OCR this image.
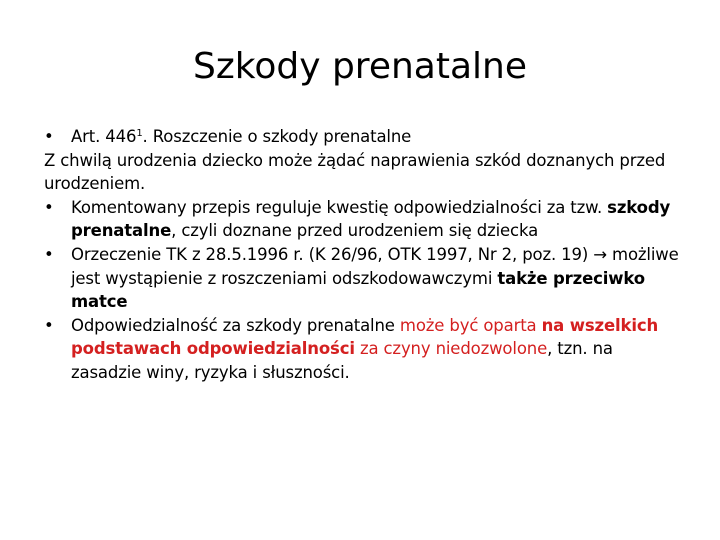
Szkody prenatalne

• Art. $446^1$. Roszczenie o szkody prenatalne

Z chwilą urodzenia dziecko może żądać naprawienia szkód doznanych przed urodzeniem.

• Komentowany przepis reguluje kwestię odpowiedzialności za tzw. szkody prenatalne, czyli doznane przed urodzeniem się dziecka

• Orzeczenie TK z 28.5.1996 r. (K 26/96, OTK 1997, Nr 2, poz. 19) → możliwe jest wystąpienie z roszczeniami odszkodowawczymi także przeciwko matce

• Odpowiedzialność za szkody prenatalne może być oparta na wszelkich podstawach odpowiedzialności za czyny niedozwolone, tzn. na zasadzie winy, ryzyka i słuszności.
